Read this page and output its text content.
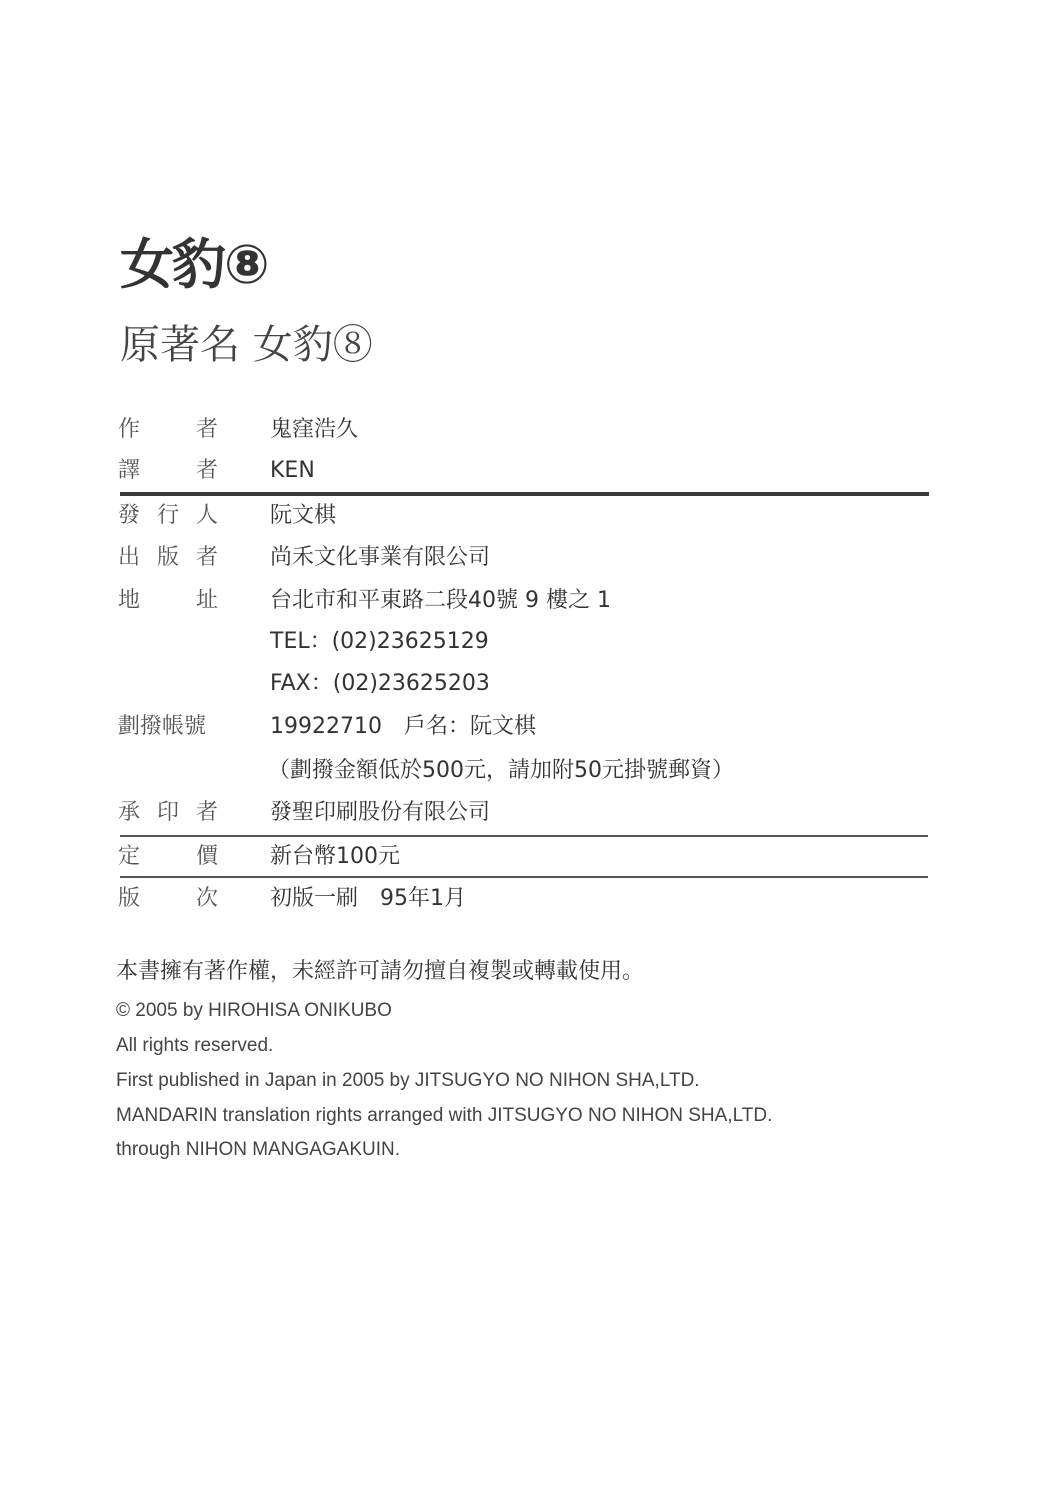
女豹⑧
原著名 女豹⑧
作	者 鬼窪浩久
譯	者 KEN
發 行 人 阮文棋
出 版 者 尚禾文化事業有限公司
地	址 台北市和平東路二段40號 9 樓之 1
TEL：(02)23625129
FAX：(02)23625203
劃撥帳號	19922710　戶名：阮文棋
（劃撥金額低於500元，請加附50元掛號郵資）
承 印 者 發聖印刷股份有限公司
定	價 新台幣100元
版	次 初版一刷　95年1月
本書擁有著作權，未經許可請勿擅自複製或轉載使用。
© 2005 by HIROHISA ONIKUBO
All rights reserved.
First published in Japan in 2005 by JITSUGYO NO NIHON SHA,LTD.
MANDARIN translation rights arranged with JITSUGYO NO NIHON SHA,LTD.
through NIHON MANGAGAKUIN.
